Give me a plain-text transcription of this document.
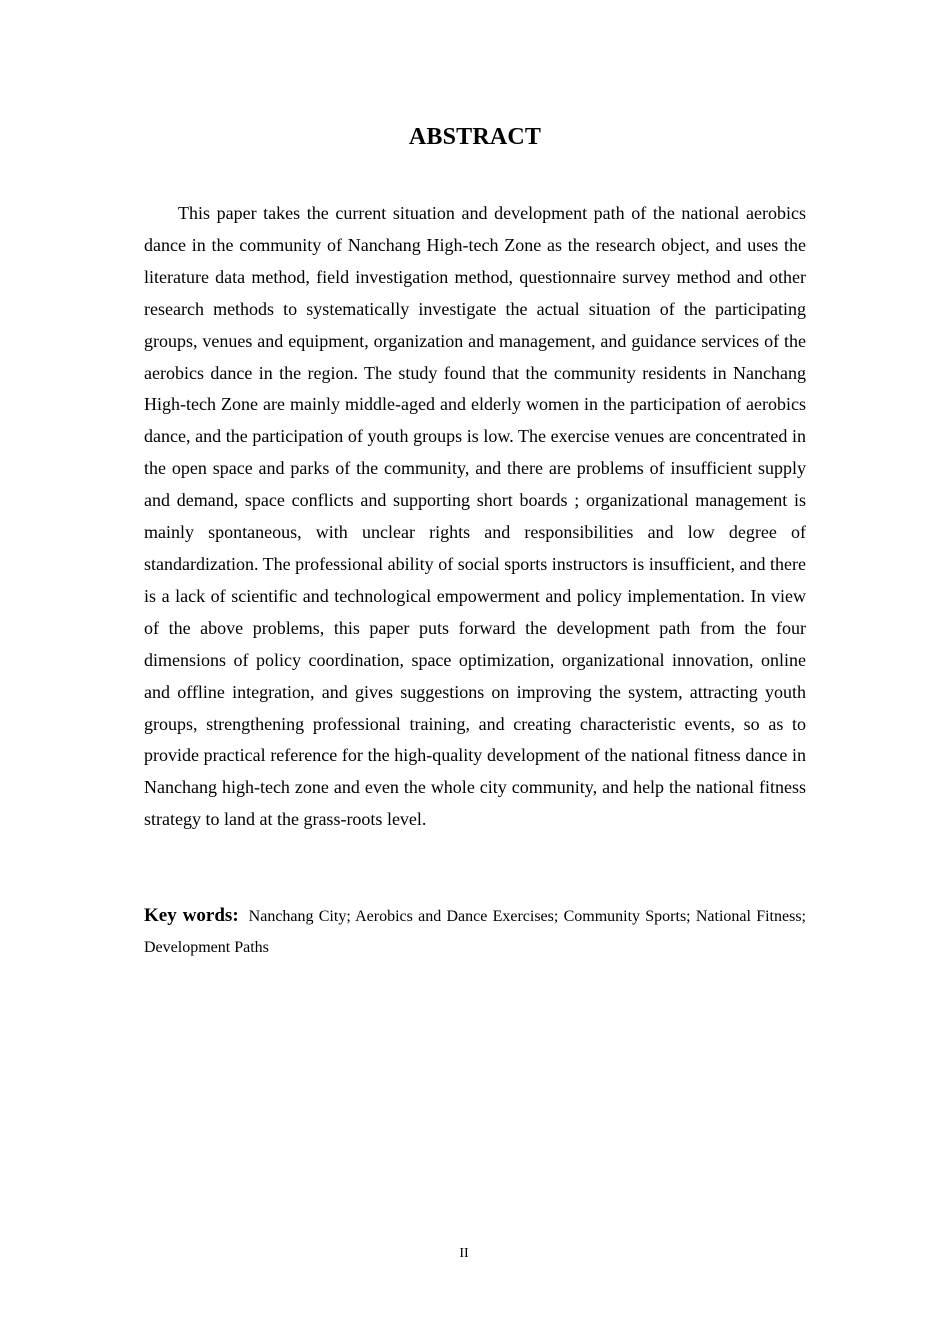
ABSTRACT

This paper takes the current situation and development path of the national aerobics dance in the community of Nanchang High-tech Zone as the research object, and uses the literature data method, field investigation method, questionnaire survey method and other research methods to systematically investigate the actual situation of the participating groups, venues and equipment, organization and management, and guidance services of the aerobics dance in the region. The study found that the community residents in Nanchang High-tech Zone are mainly middle-aged and elderly women in the participation of aerobics dance, and the participation of youth groups is low. The exercise venues are concentrated in the open space and parks of the community, and there are problems of insufficient supply and demand, space conflicts and supporting short boards ; organizational management is mainly spontaneous, with unclear rights and responsibilities and low degree of standardization. The professional ability of social sports instructors is insufficient, and there is a lack of scientific and technological empowerment and policy implementation. In view of the above problems, this paper puts forward the development path from the four dimensions of policy coordination, space optimization, organizational innovation, online and offline integration, and gives suggestions on improving the system, attracting youth groups, strengthening professional training, and creating characteristic events, so as to provide practical reference for the high-quality development of the national fitness dance in Nanchang high-tech zone and even the whole city community, and help the national fitness strategy to land at the grass-roots level.

Key words: Nanchang City; Aerobics and Dance Exercises; Community Sports; National Fitness; Development Paths

II
